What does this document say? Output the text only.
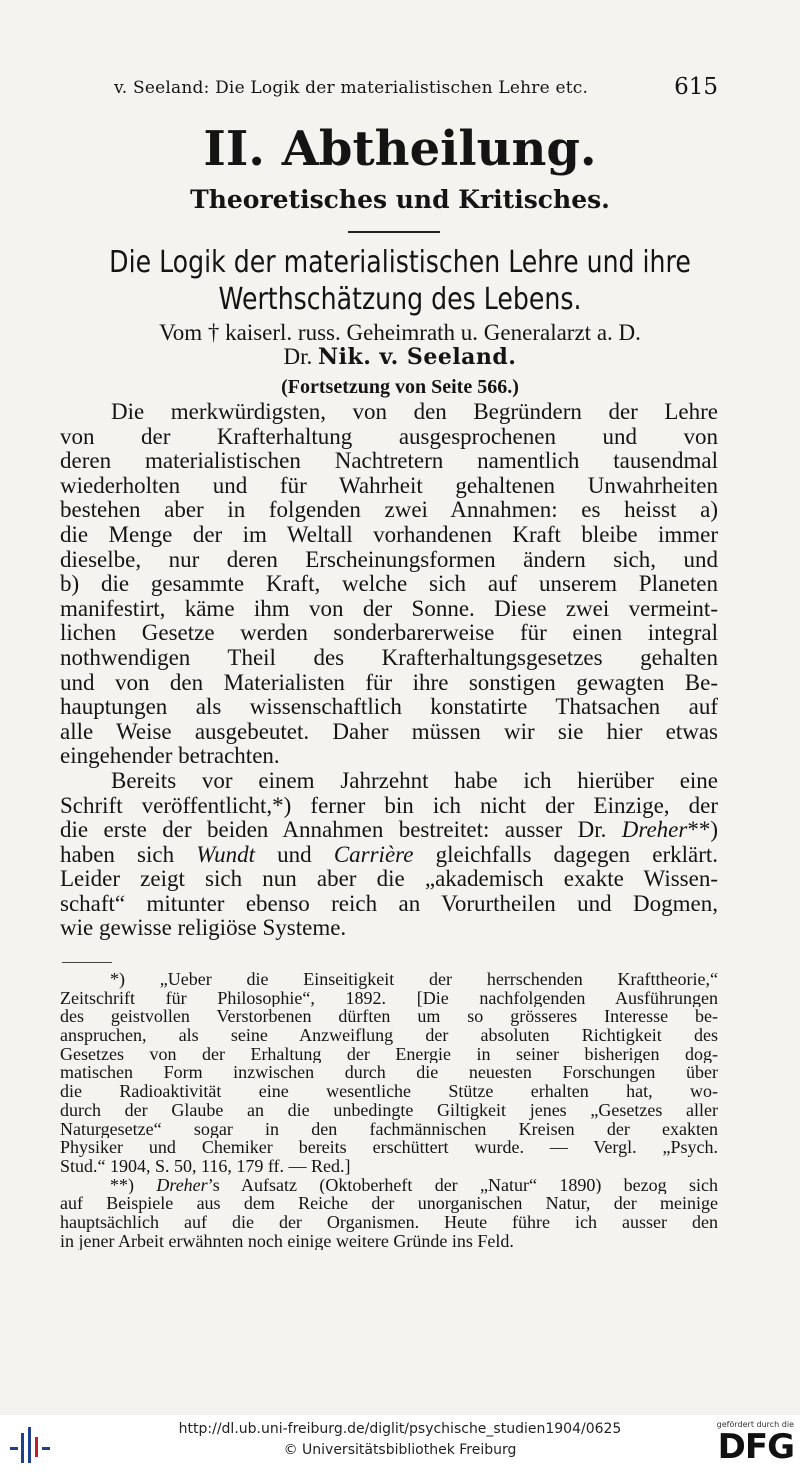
v. Seeland: Die Logik der materialistischen Lehre etc.	615
II. Abtheilung.
Theoretisches und Kritisches.
Die Logik der materialistischen Lehre und ihre
Werthschätzung des Lebens.
Vom † kaiserl. russ. Geheimrath u. Generalarzt a. D.
Dr. Nik. v. Seeland.
(Fortsetzung von Seite 566.)
Die merkwürdigsten, von den Begründern der Lehre
von der Krafterhaltung ausgesprochenen und von
deren materialistischen Nachtretern namentlich tausendmal
wiederholten und für Wahrheit gehaltenen Unwahrheiten
bestehen aber in folgenden zwei Annahmen: es heisst a)
die Menge der im Weltall vorhandenen Kraft bleibe immer
dieselbe, nur deren Erscheinungsformen ändern sich, und
b) die gesammte Kraft, welche sich auf unserem Planeten
manifestirt, käme ihm von der Sonne. Diese zwei vermeint-
lichen Gesetze werden sonderbarerweise für einen integral
nothwendigen Theil des Krafterhaltungsgesetzes gehalten
und von den Materialisten für ihre sonstigen gewagten Be-
hauptungen als wissenschaftlich konstatirte Thatsachen auf
alle Weise ausgebeutet. Daher müssen wir sie hier etwas
eingehender betrachten.
Bereits vor einem Jahrzehnt habe ich hierüber eine
Schrift veröffentlicht,*) ferner bin ich nicht der Einzige, der
die erste der beiden Annahmen bestreitet: ausser Dr. Dreher**)
haben sich Wundt und Carrière gleichfalls dagegen erklärt.
Leider zeigt sich nun aber die „akademisch exakte Wissen-
schaft“ mitunter ebenso reich an Vorurtheilen und Dogmen,
wie gewisse religiöse Systeme.
*) „Ueber die Einseitigkeit der herrschenden Krafttheorie,“
Zeitschrift für Philosophie“, 1892. [Die nachfolgenden Ausführungen
des geistvollen Verstorbenen dürften um so grösseres Interesse be-
anspruchen, als seine Anzweiflung der absoluten Richtigkeit des
Gesetzes von der Erhaltung der Energie in seiner bisherigen dog-
matischen Form inzwischen durch die neuesten Forschungen über
die Radioaktivität eine wesentliche Stütze erhalten hat, wo-
durch der Glaube an die unbedingte Giltigkeit jenes „Gesetzes aller
Naturgesetze“ sogar in den fachmännischen Kreisen der exakten
Physiker und Chemiker bereits erschüttert wurde. — Vergl. „Psych.
Stud.“ 1904, S. 50, 116, 179 ff. — Red.]
**) Dreher’s Aufsatz (Oktoberheft der „Natur“ 1890) bezog sich
auf Beispiele aus dem Reiche der unorganischen Natur, der meinige
hauptsächlich auf die der Organismen. Heute führe ich ausser den
in jener Arbeit erwähnten noch einige weitere Gründe ins Feld.
http://dl.ub.uni-freiburg.de/diglit/psychische_studien1904/0625
© Universitätsbibliothek Freiburg
gefördert durch die
DFG
